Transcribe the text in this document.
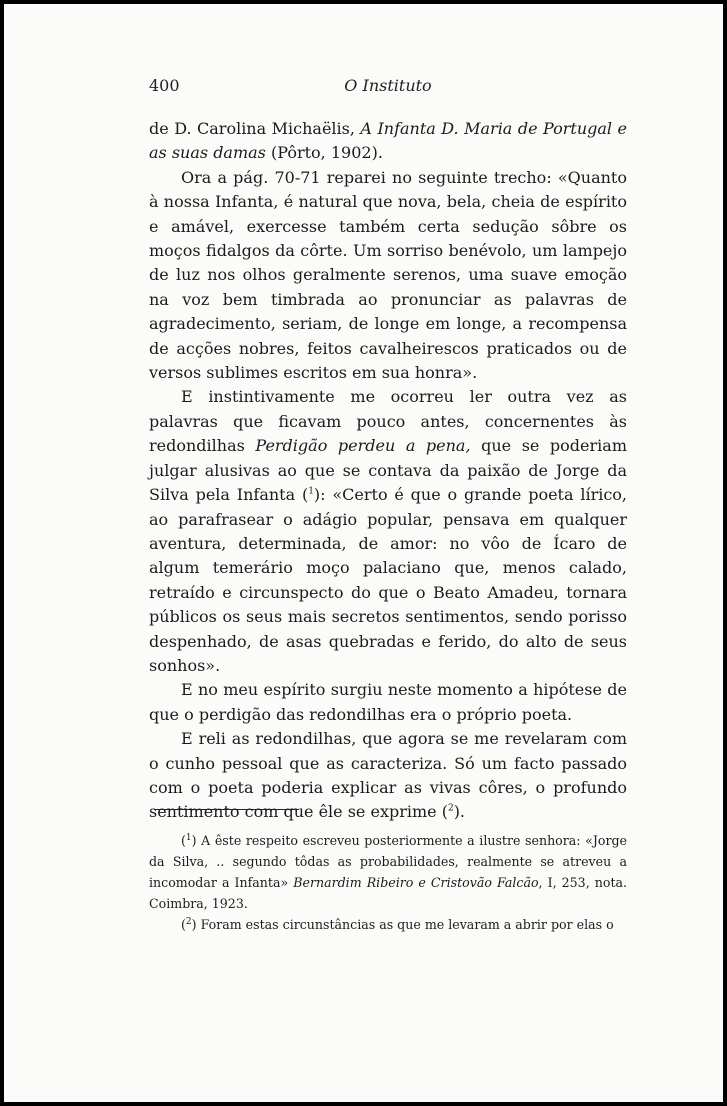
400	O Instituto

de D. Carolina Michaëlis, A Infanta D. Maria de Portugal e as suas damas (Pôrto, 1902).

Ora a pág. 70-71 reparei no seguinte trecho: «Quanto à nossa Infanta, é natural que nova, bela, cheia de espírito e amável, exercesse também certa sedução sôbre os moços fidalgos da côrte. Um sorriso benévolo, um lampejo de luz nos olhos geralmente serenos, uma suave emoção na voz bem timbrada ao pronunciar as palavras de agradecimento, seriam, de longe em longe, a recompensa de acções nobres, feitos cavalheirescos praticados ou de versos sublimes escritos em sua honra».

E instintivamente me ocorreu ler outra vez as palavras que ficavam pouco antes, concernentes às redondilhas Perdigão perdeu a pena, que se poderiam julgar alusivas ao que se contava da paixão de Jorge da Silva pela Infanta ($^1$): «Certo é que o grande poeta lírico, ao parafrasear o adágio popular, pensava em qualquer aventura, determinada, de amor: no vôo de Ícaro de algum temerário moço palaciano que, menos calado, retraído e circunspecto do que o Beato Amadeu, tornara públicos os seus mais secretos sentimentos, sendo porisso despenhado, de asas quebradas e ferido, do alto de seus sonhos».

E no meu espírito surgiu neste momento a hipótese de que o perdigão das redondilhas era o próprio poeta.

E reli as redondilhas, que agora se me revelaram com o cunho pessoal que as caracteriza. Só um facto passado com o poeta poderia explicar as vivas côres, o profundo sentimento com que êle se exprime ($^2$).

($^1$) A êste respeito escreveu posteriormente a ilustre senhora: «Jorge da Silva, .. segundo tôdas as probabilidades, realmente se atreveu a incomodar a Infanta» Bernardim Ribeiro e Cristovão Falcão, I, 253, nota. Coimbra, 1923.

($^2$) Foram estas circunstâncias as que me levaram a abrir por elas o
